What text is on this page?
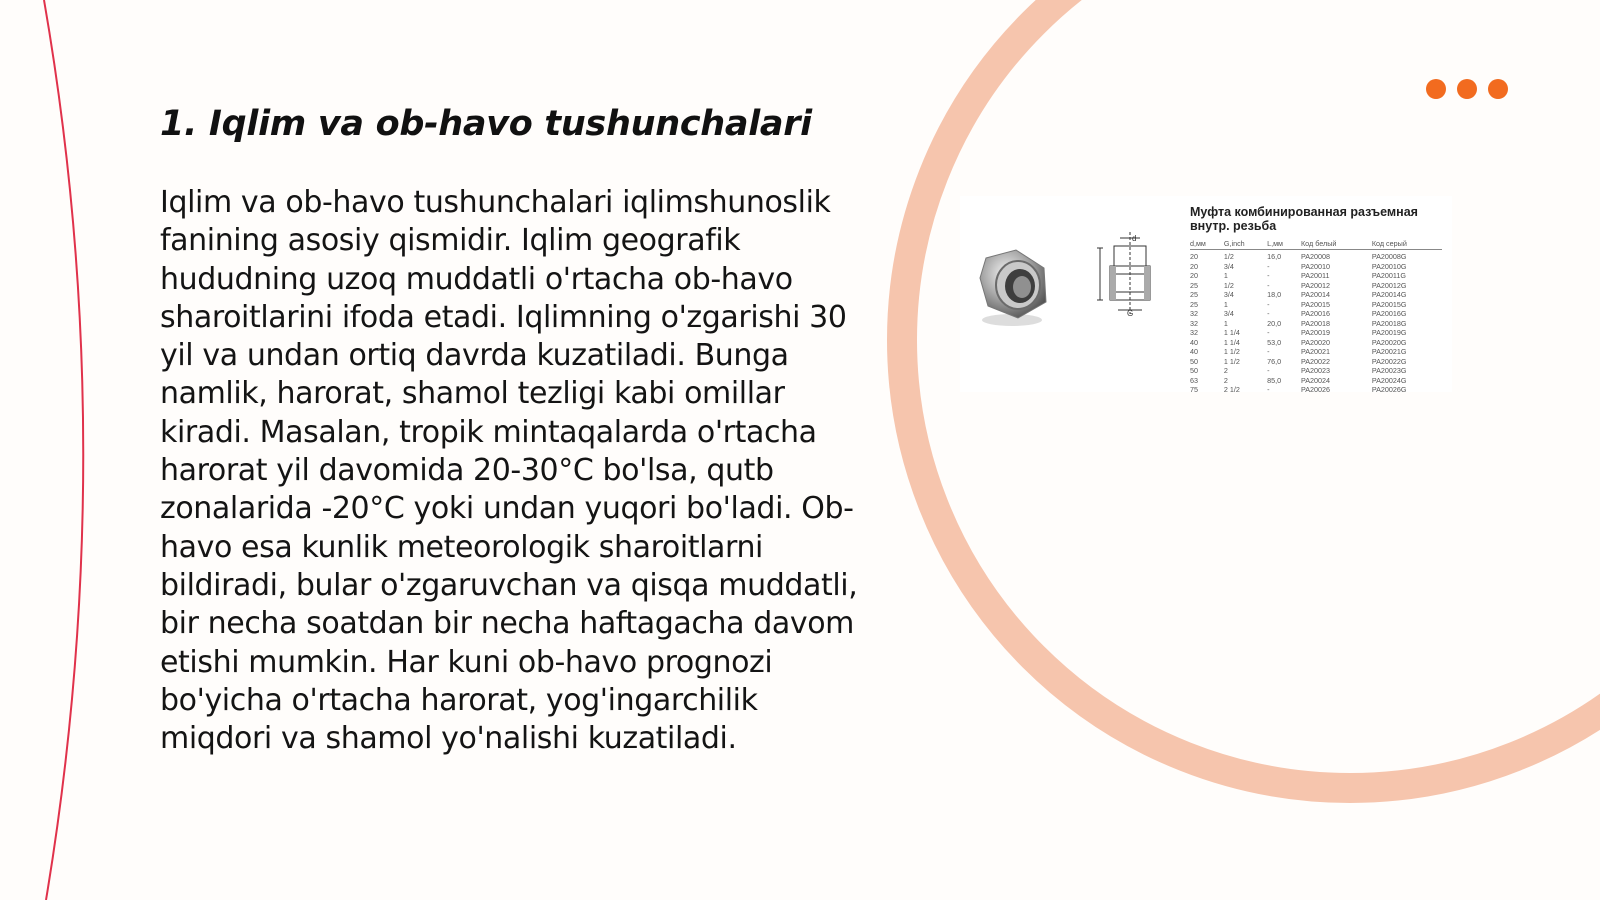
1. Iqlim va ob-havo tushunchalari

Iqlim va ob-havo tushunchalari iqlimshunoslik fanining asosiy qismidir. Iqlim geografik hududning uzoq muddatli o'rtacha ob-havo sharoitlarini ifoda etadi. Iqlimning o'zgarishi 30 yil va undan ortiq davrda kuzatiladi. Bunga namlik, harorat, shamol tezligi kabi omillar kiradi. Masalan, tropik mintaqalarda o'rtacha harorat yil davomida 20-30°C bo'lsa, qutb zonalarida -20°C yoki undan yuqori bo'ladi. Ob-havo esa kunlik meteorologik sharoitlarni bildiradi, bular o'zgaruvchan va qisqa muddatli, bir necha soatdan bir necha haftagacha davom etishi mumkin. Har kuni ob-havo prognozi bo'yicha o'rtacha harorat, yog'ingarchilik miqdori va shamol yo'nalishi kuzatiladi.

d
G

Муфта комбинированная разъемная внутр. резьба

d,мм	G,inch	L,мм	Код белый	Код серый
20	1/2	16,0	PA20008	PA20008G
20	3/4	-	PA20010	PA20010G
20	1	-	PA20011	PA20011G
25	1/2	-	PA20012	PA20012G
25	3/4	18,0	PA20014	PA20014G
25	1	-	PA20015	PA20015G
32	3/4	-	PA20016	PA20016G
32	1	20,0	PA20018	PA20018G
32	1 1/4	-	PA20019	PA20019G
40	1 1/4	53,0	PA20020	PA20020G
40	1 1/2	-	PA20021	PA20021G
50	1 1/2	76,0	PA20022	PA20022G
50	2	-	PA20023	PA20023G
63	2	85,0	PA20024	PA20024G
75	2 1/2	-	PA20026	PA20026G
